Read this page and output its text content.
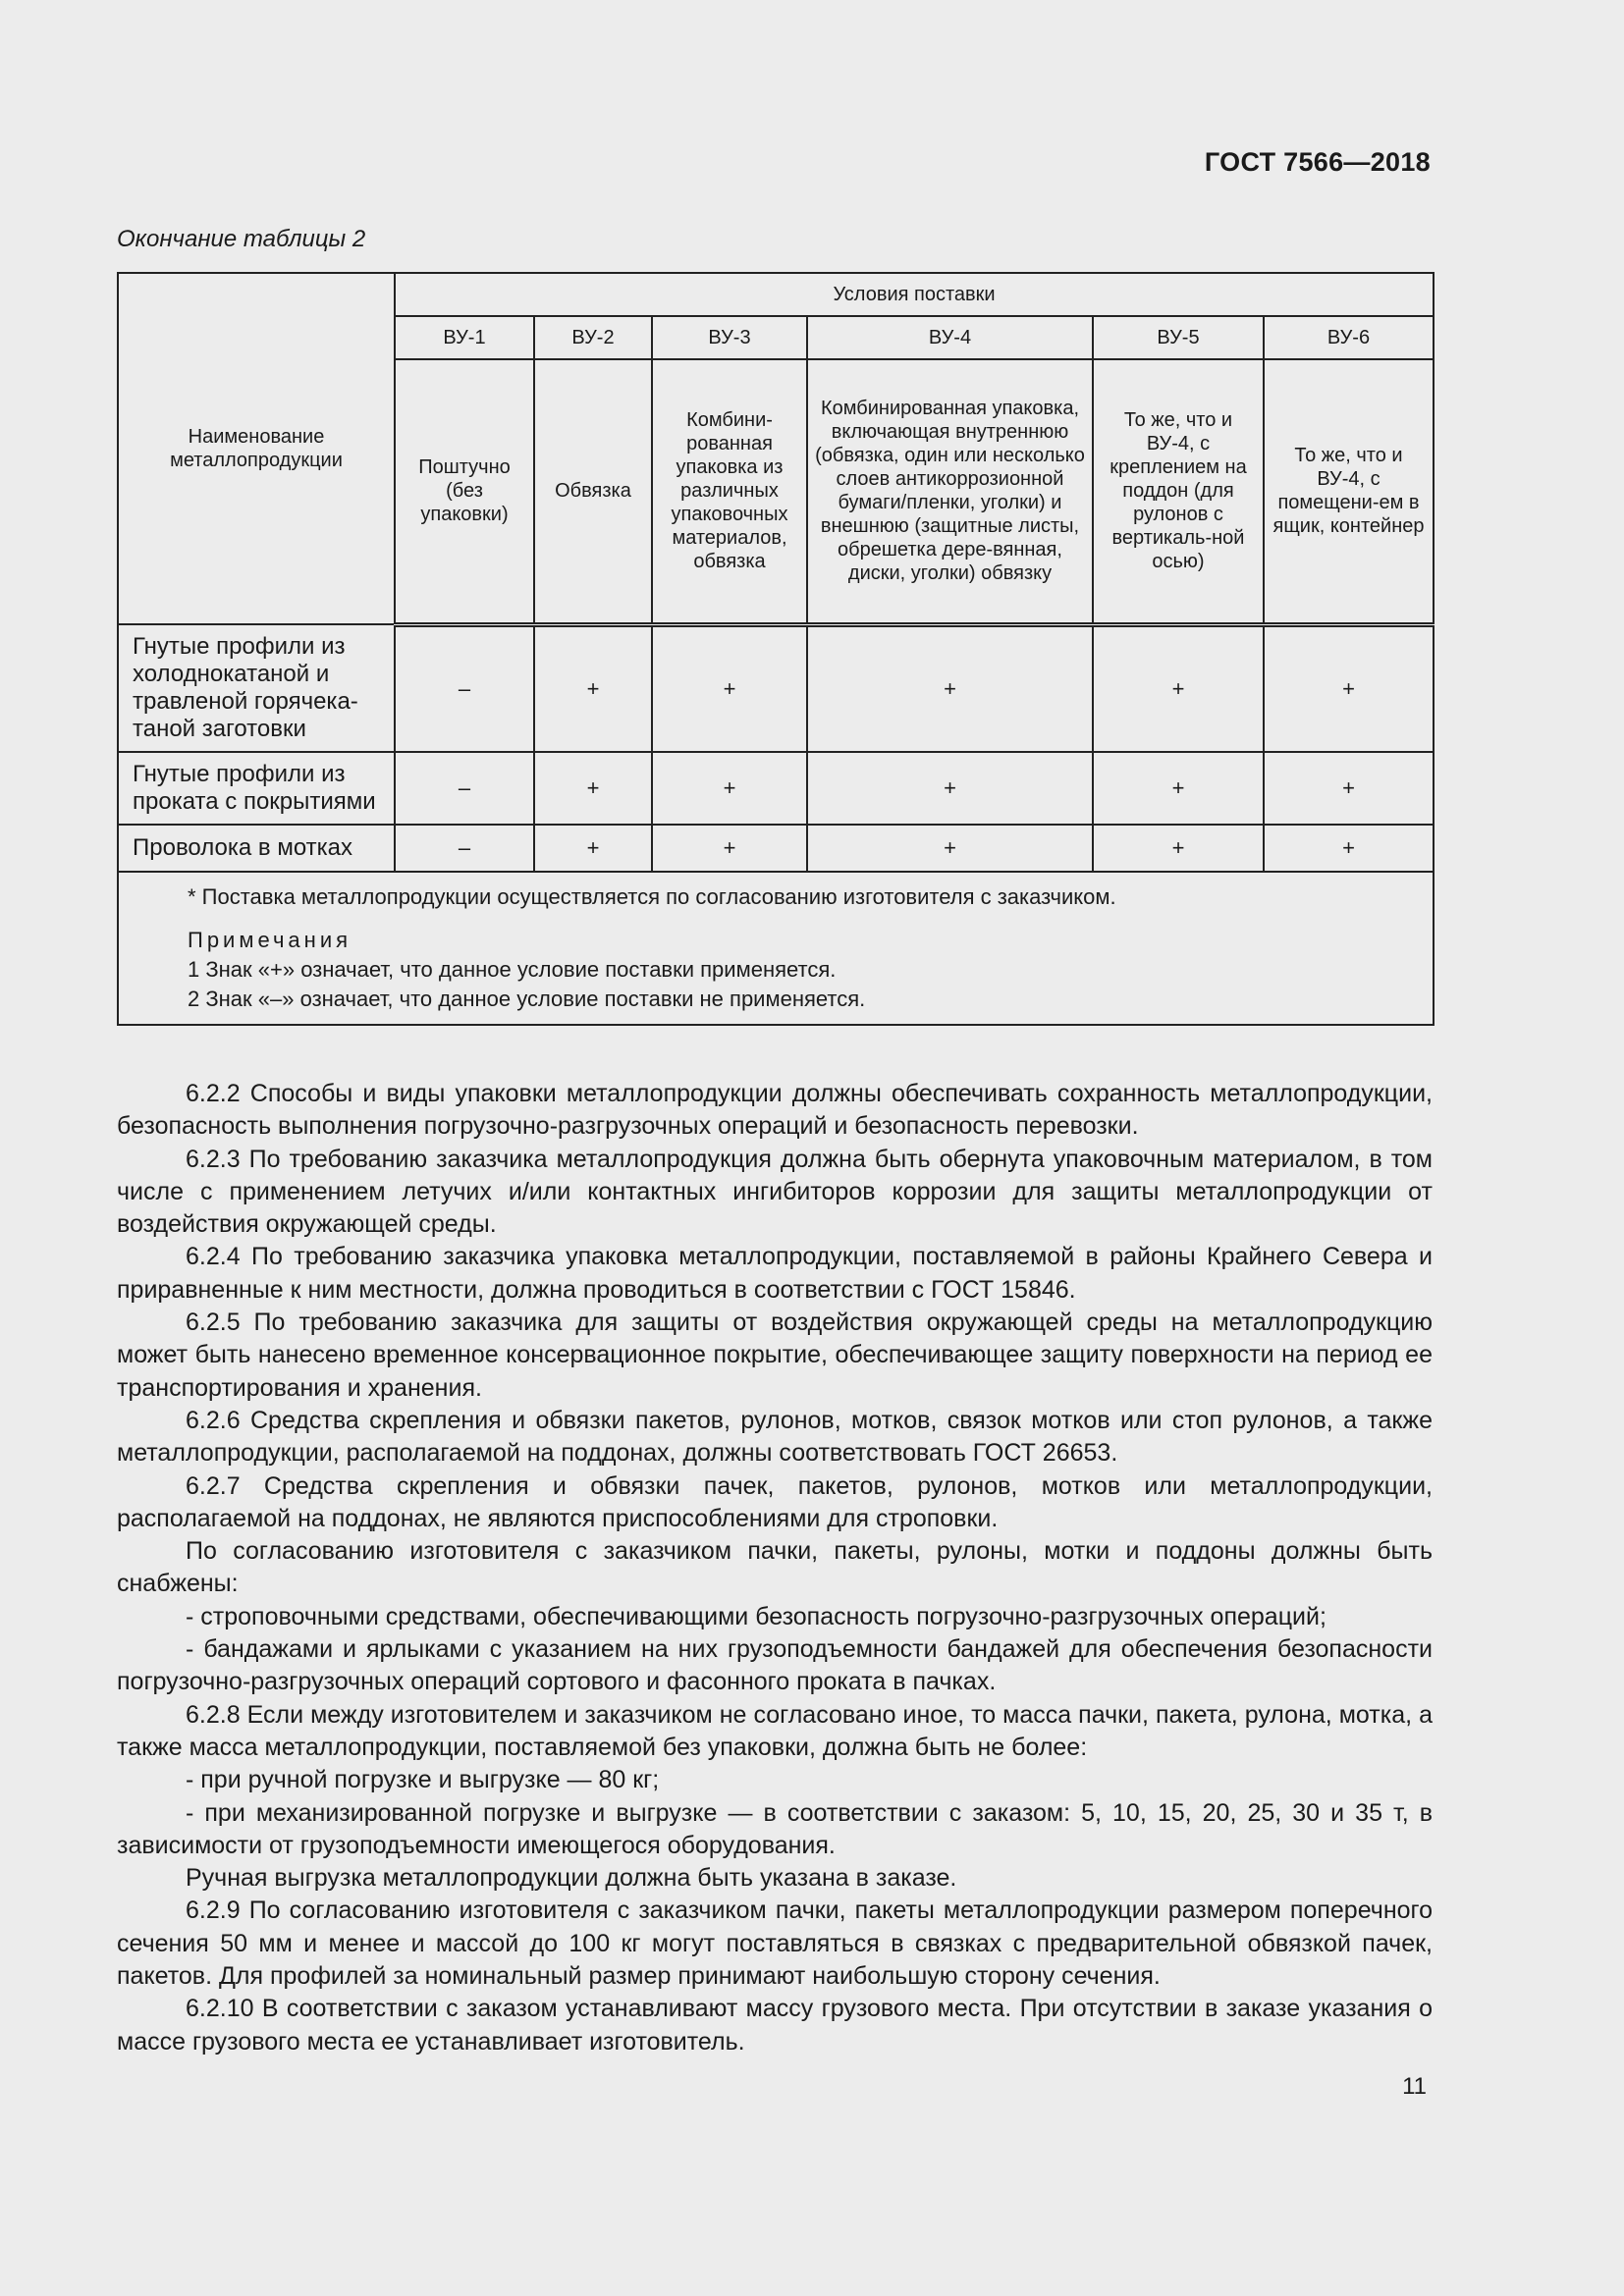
ГОСТ 7566—2018
Окончание таблицы 2
Наименование металлопродукции	Условия поставки					
	ВУ-1	ВУ-2	ВУ-3	ВУ-4	ВУ-5	ВУ-6
	Поштучно (без упаковки)	Обвязка	Комбини-рованная упаковка из различных упаковочных материалов, обвязка	Комбинированная упаковка, включающая внутреннюю (обвязка, один или несколько слоев антикоррозионной бумаги/пленки, уголки) и внешнюю (защитные листы, обрешетка дере-вянная, диски, уголки) обвязку	То же, что и ВУ-4, с креплением на поддон (для рулонов с вертикаль-ной осью)	То же, что и ВУ-4, с помещени-ем в ящик, контейнер
Гнутые профили из холоднокатаной и травленой горячека-таной заготовки	–	+	+	+	+	+
Гнутые профили из проката с покрытиями	–	+	+	+	+	+
Проволока в мотках	–	+	+	+	+	+

* Поставка металлопродукции осуществляется по согласованию изготовителя с заказчиком.
Примечания
1 Знак «+» означает, что данное условие поставки применяется.
2 Знак «–» означает, что данное условие поставки не применяется.						

6.2.2 Способы и виды упаковки металлопродукции должны обеспечивать сохранность металлопродукции, безопасность выполнения погрузочно-разгрузочных операций и безопасность перевозки.

6.2.3 По требованию заказчика металлопродукция должна быть обернута упаковочным материалом, в том числе с применением летучих и/или контактных ингибиторов коррозии для защиты металлопродукции от воздействия окружающей среды.

6.2.4 По требованию заказчика упаковка металлопродукции, поставляемой в районы Крайнего Севера и приравненные к ним местности, должна проводиться в соответствии с ГОСТ 15846.

6.2.5 По требованию заказчика для защиты от воздействия окружающей среды на металлопродукцию может быть нанесено временное консервационное покрытие, обеспечивающее защиту поверхности на период ее транспортирования и хранения.

6.2.6 Средства скрепления и обвязки пакетов, рулонов, мотков, связок мотков или стоп рулонов, а также металлопродукции, располагаемой на поддонах, должны соответствовать ГОСТ 26653.

6.2.7 Средства скрепления и обвязки пачек, пакетов, рулонов, мотков или металлопродукции, располагаемой на поддонах, не являются приспособлениями для строповки.

По согласованию изготовителя с заказчиком пачки, пакеты, рулоны, мотки и поддоны должны быть снабжены:

- строповочными средствами, обеспечивающими безопасность погрузочно-разгрузочных операций;

- бандажами и ярлыками с указанием на них грузоподъемности бандажей для обеспечения безопасности погрузочно-разгрузочных операций сортового и фасонного проката в пачках.

6.2.8 Если между изготовителем и заказчиком не согласовано иное, то масса пачки, пакета, рулона, мотка, а также масса металлопродукции, поставляемой без упаковки, должна быть не более:

- при ручной погрузке и выгрузке — 80 кг;

- при механизированной погрузке и выгрузке — в соответствии с заказом: 5, 10, 15, 20, 25, 30 и 35 т, в зависимости от грузоподъемности имеющегося оборудования.

Ручная выгрузка металлопродукции должна быть указана в заказе.

6.2.9 По согласованию изготовителя с заказчиком пачки, пакеты металлопродукции размером поперечного сечения 50 мм и менее и массой до 100 кг могут поставляться в связках с предварительной обвязкой пачек, пакетов. Для профилей за номинальный размер принимают наибольшую сторону сечения.

6.2.10 В соответствии с заказом устанавливают массу грузового места. При отсутствии в заказе указания о массе грузового места ее устанавливает изготовитель.

11
